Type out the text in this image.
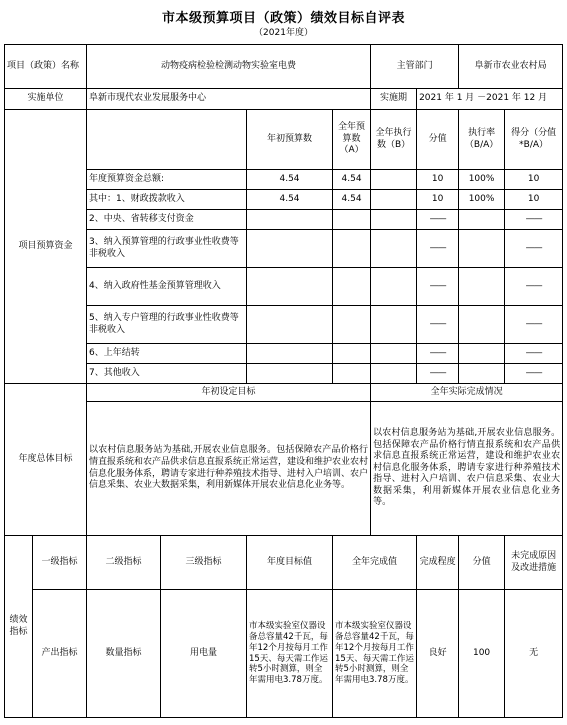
市本级预算项目（政策）绩效目标自评表
（2021年度）
项目（政策）名称		动物疫病检验检测动物实验室电费				主管部门		阜新市农业农村局	
实施单位		阜新市现代农业发展服务中心				实施期	2021 年 1 月 －2021 年 12 月		
项目预算资金				年初预算数	全年预算数（A）	全年执行数（B）	分值	执行率（B/A）	得分（分值*B/A）
		年度预算资金总额:		4.54	4.54		10	100%	10
		其中：1、财政拨款收入		4.54	4.54		10	100%	10
		2、中央、省转移支付资金					——		——
		3、纳入预算管理的行政事业性收费等非税收入					——		——
		4、纳入政府性基金预算管理收入					——		——
		5、纳入专户管理的行政事业性收费等非税收入					——		——
		6、上年结转					——		——
		7、其他收入					——		——
年度总体目标		年初设定目标				全年实际完成情况			
		以农村信息服务站为基础,开展农业信息服务。包括保障农产品价格行情直报系统和农产品供求信息直报系统正常运营，建设和维护农业农村信息化服务体系，聘请专家进行种养殖技术指导、进村入户培训、农户信息采集、农业大数据采集，利用新媒体开展农业信息化业务等。				以农村信息服务站为基础,开展农业信息服务。包括保障农产品价格行情直报系统和农产品供求信息直报系统正常运营，建设和维护农业农村信息化服务体系，聘请专家进行种养殖技术指导、进村入户培训、农户信息采集、农业大数据采集，利用新媒体开展农业信息化业务等。			
绩效指标	一级指标	二级指标	三级指标	年度目标值	全年完成值		完成程度	分值	未完成原因及改进措施
	产出指标	数量指标	用电量	市本级实验室仪器设备总容量42千瓦，每年12个月按每月工作15天、每天需工作运转5小时测算，则全年需用电3.78万度。	市本级实验室仪器设备总容量42千瓦，每年12个月按每月工作15天、每天需工作运转5小时测算，则全年需用电3.78万度。		良好	100	无
